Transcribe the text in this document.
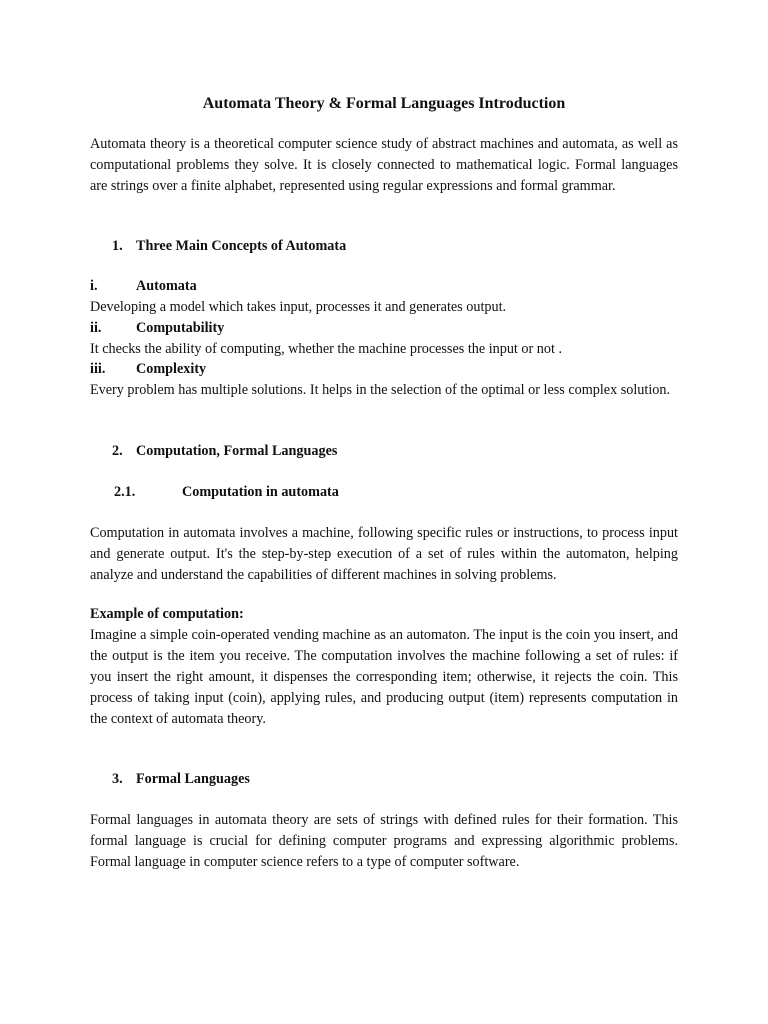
Automata Theory & Formal Languages Introduction
Automata theory is a theoretical computer science study of abstract machines and automata, as well as computational problems they solve. It is closely connected to mathematical logic. Formal languages are strings over a finite alphabet, represented using regular expressions and formal grammar.
1. Three Main Concepts of Automata
i.	Automata
Developing a model which takes input, processes it and generates output.
ii. Computability
It checks the ability of computing, whether the machine processes the input or not .
iii. Complexity
Every problem has multiple solutions. It helps in the selection of the optimal or less complex solution.
2. Computation, Formal Languages
2.1.	Computation in automata
Computation in automata involves a machine, following specific rules or instructions, to process input and generate output. It's the step-by-step execution of a set of rules within the automaton, helping analyze and understand the capabilities of different machines in solving problems.
Example of computation:
Imagine a simple coin-operated vending machine as an automaton. The input is the coin you insert, and the output is the item you receive. The computation involves the machine following a set of rules: if you insert the right amount, it dispenses the corresponding item; otherwise, it rejects the coin. This process of taking input (coin), applying rules, and producing output (item) represents computation in the context of automata theory.
3. Formal Languages
Formal languages in automata theory are sets of strings with defined rules for their formation. This formal language is crucial for defining computer programs and expressing algorithmic problems. Formal language in computer science refers to a type of computer software.
